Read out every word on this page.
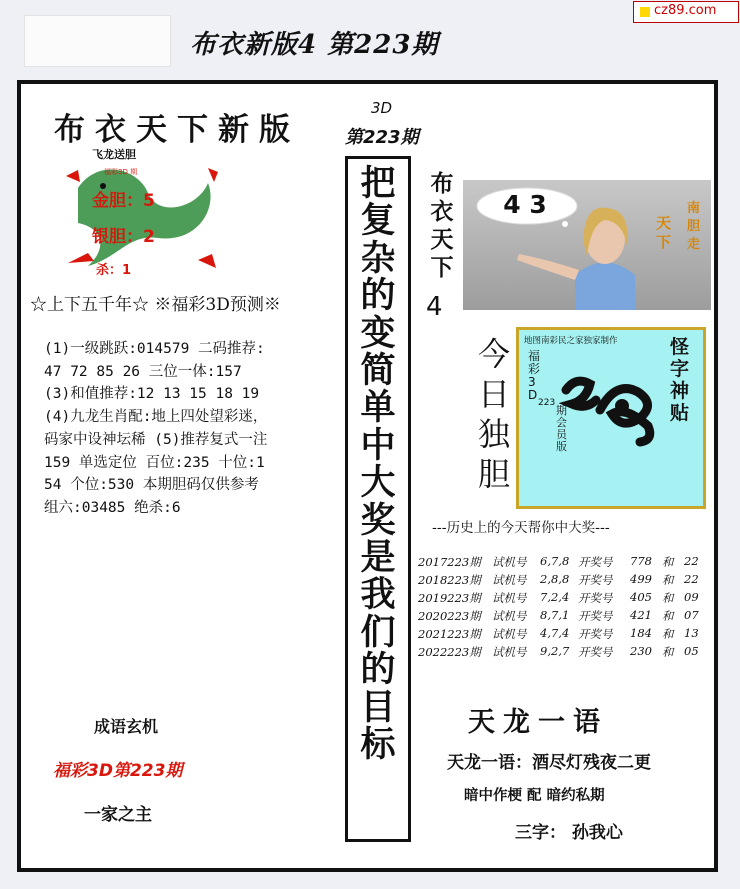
布衣新版4 第223期
cz89.com
布衣天下新版
飞龙送胆
福彩3D 期
金胆：5
银胆：2
杀：1
☆上下五千年☆ ※福彩3D预测※
(1)一级跳跃:014579 二码推荐:47 72 85 26 三位一体:157 (3)和值推荐:12 13 15 18 19 (4)九龙生肖配:地上四处望彩迷，码家中设神坛稀 (5)推荐复式一注159 单选定位 百位:235 十位:154 个位:530 本期胆码仅供参考 组六:03485 绝杀:6
成语玄机
福彩3D第223期
一家之主
3D
第223期
把
复
杂
的
变
简
单
中
大
奖
是
我
们
的
目
标
布
衣
天
下
4
4 3
天
下
南
胆
走
今
日
独
胆
地图南彩民之家独家制作
福
彩
3
D
223
期
会
员
版
怪
字
神
贴
---历史上的今天帮你中大奖---
2017223期 试机号 6,7,8 开奖号 778 和 22
2018223期 试机号 2,8,8 开奖号 499 和 22
2019223期 试机号 7,2,4 开奖号 405 和 09
2020223期 试机号 8,7,1 开奖号 421 和 07
2021223期 试机号 4,7,4 开奖号 184 和 13
2022223期 试机号 9,2,7 开奖号 230 和 05
天龙一语
天龙一语：酒尽灯残夜二更
暗中作梗 配 暗约私期
三字： 孙我心
